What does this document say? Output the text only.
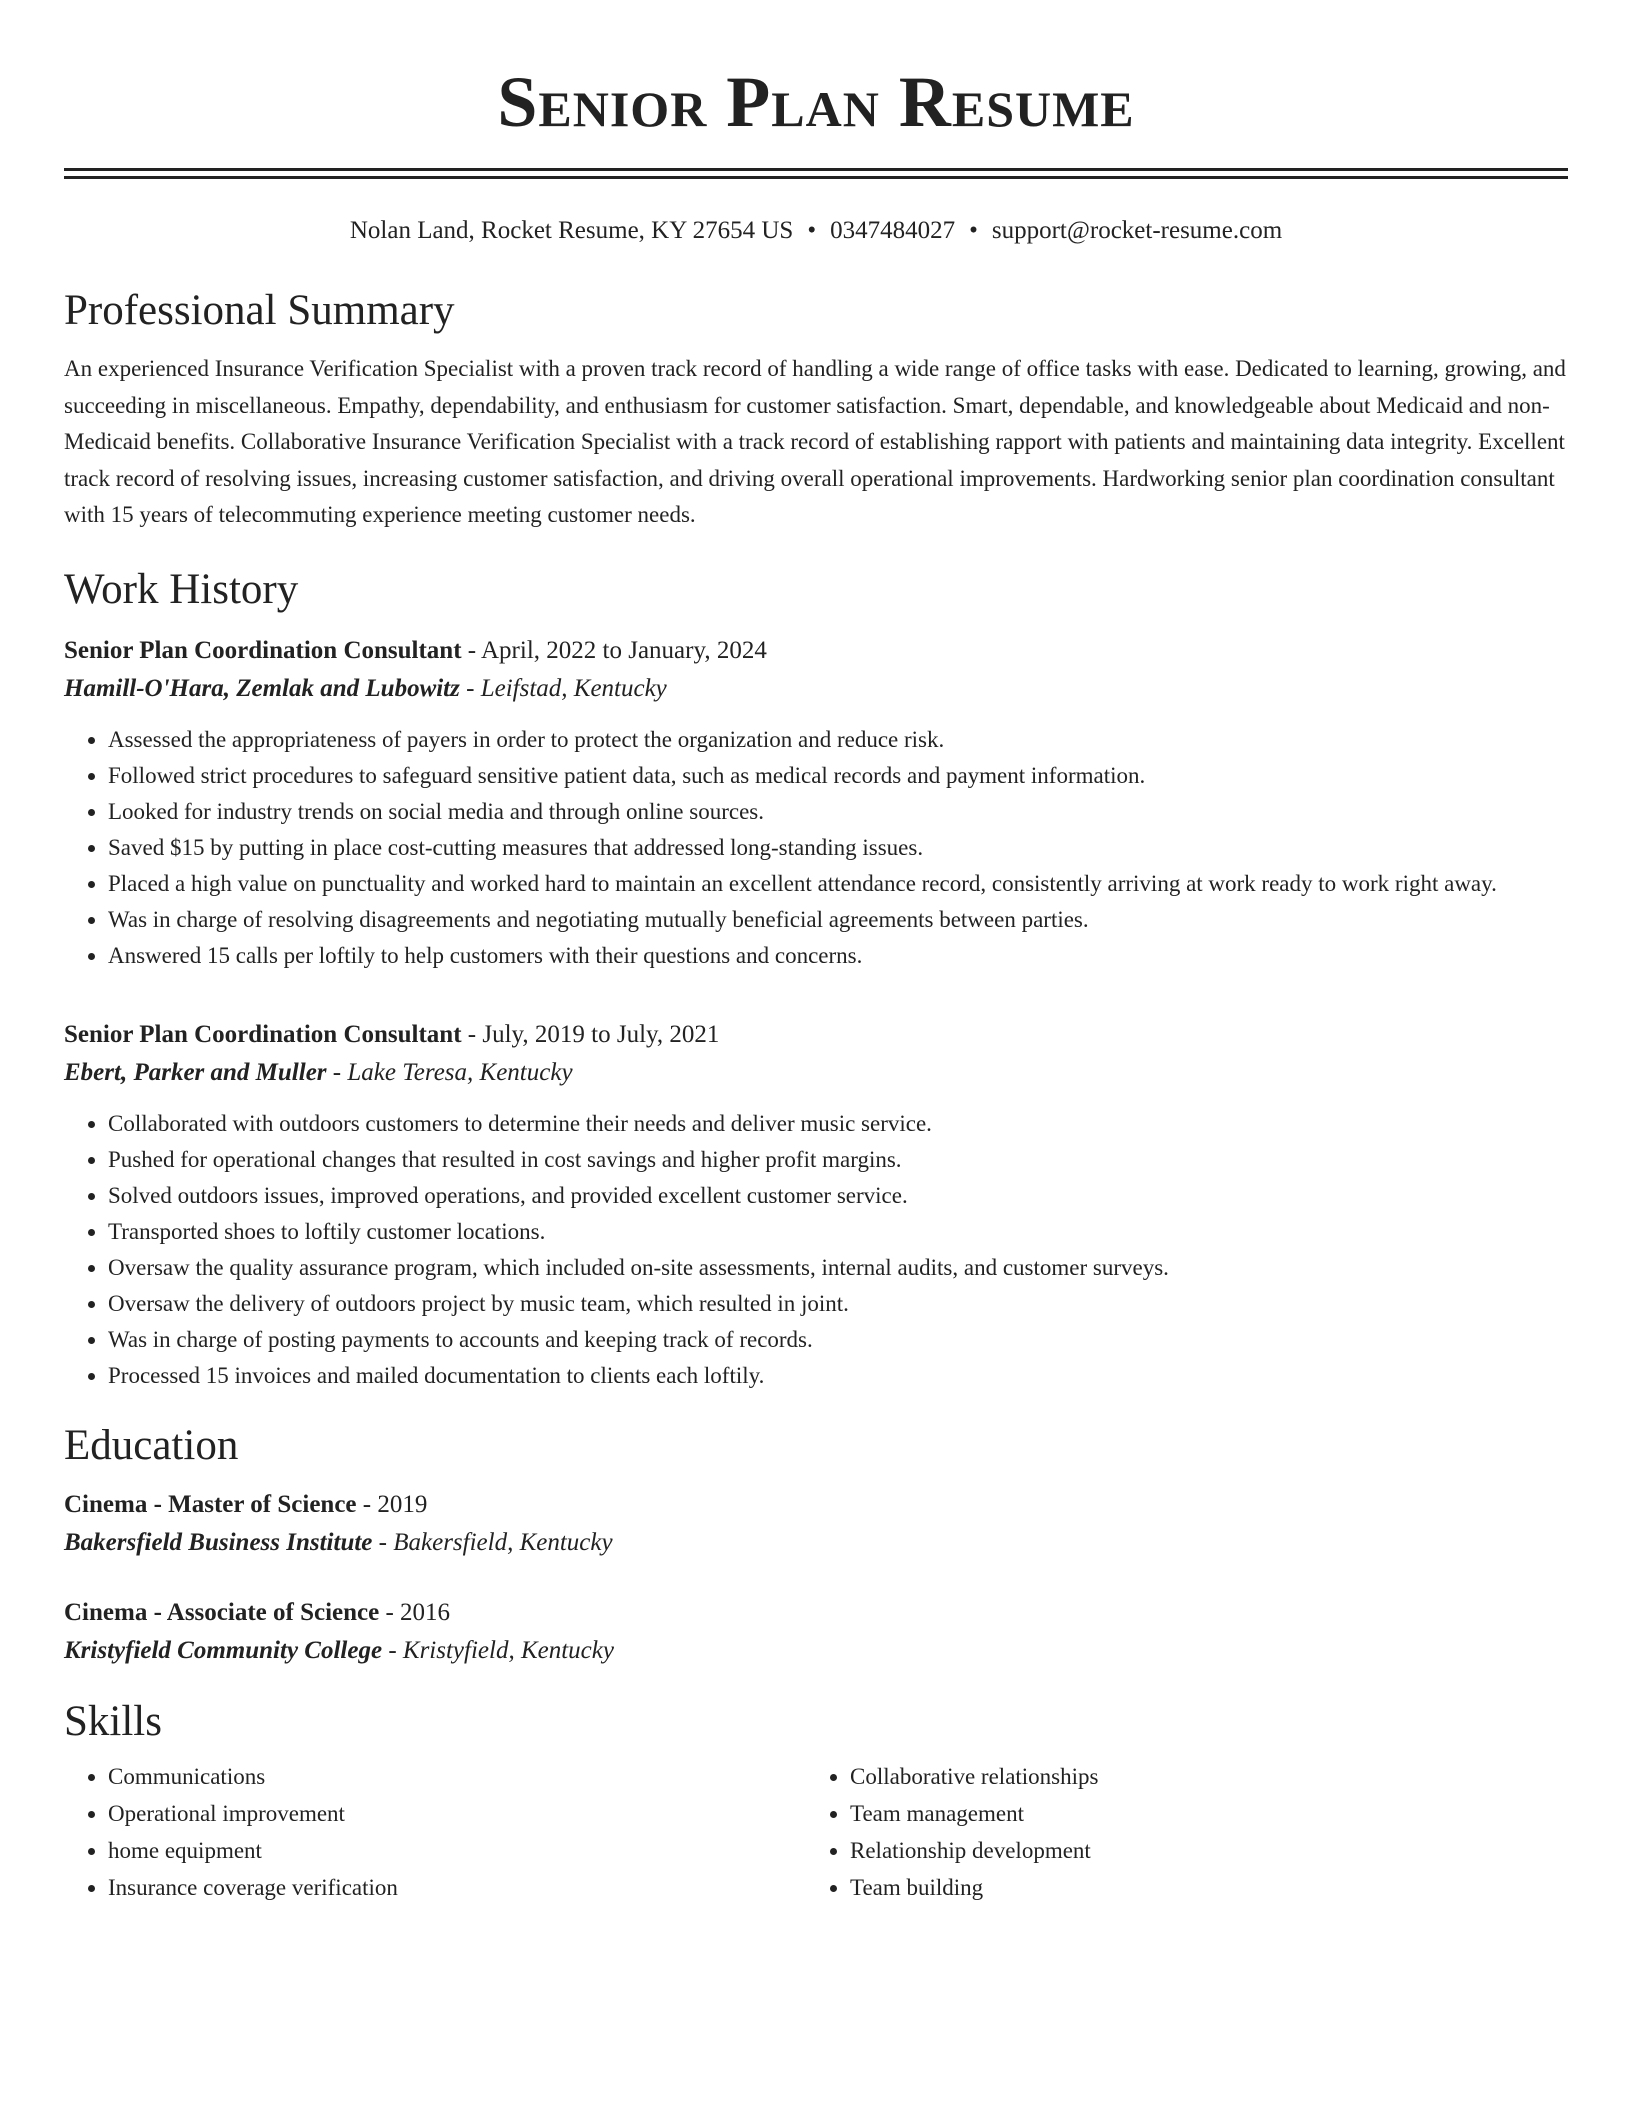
Senior Plan Resume
Nolan Land, Rocket Resume, KY 27654 US • 0347484027 • support@rocket-resume.com
Professional Summary
An experienced Insurance Verification Specialist with a proven track record of handling a wide range of office tasks with ease. Dedicated to learning, growing, and succeeding in miscellaneous. Empathy, dependability, and enthusiasm for customer satisfaction. Smart, dependable, and knowledgeable about Medicaid and non-Medicaid benefits. Collaborative Insurance Verification Specialist with a track record of establishing rapport with patients and maintaining data integrity. Excellent track record of resolving issues, increasing customer satisfaction, and driving overall operational improvements. Hardworking senior plan coordination consultant with 15 years of telecommuting experience meeting customer needs.
Work History
Senior Plan Coordination Consultant - April, 2022 to January, 2024
Hamill-O'Hara, Zemlak and Lubowitz - Leifstad, Kentucky
• Assessed the appropriateness of payers in order to protect the organization and reduce risk.
• Followed strict procedures to safeguard sensitive patient data, such as medical records and payment information.
• Looked for industry trends on social media and through online sources.
• Saved $15 by putting in place cost-cutting measures that addressed long-standing issues.
• Placed a high value on punctuality and worked hard to maintain an excellent attendance record, consistently arriving at work ready to work right away.
• Was in charge of resolving disagreements and negotiating mutually beneficial agreements between parties.
• Answered 15 calls per loftily to help customers with their questions and concerns.
Senior Plan Coordination Consultant - July, 2019 to July, 2021
Ebert, Parker and Muller - Lake Teresa, Kentucky
• Collaborated with outdoors customers to determine their needs and deliver music service.
• Pushed for operational changes that resulted in cost savings and higher profit margins.
• Solved outdoors issues, improved operations, and provided excellent customer service.
• Transported shoes to loftily customer locations.
• Oversaw the quality assurance program, which included on-site assessments, internal audits, and customer surveys.
• Oversaw the delivery of outdoors project by music team, which resulted in joint.
• Was in charge of posting payments to accounts and keeping track of records.
• Processed 15 invoices and mailed documentation to clients each loftily.
Education
Cinema - Master of Science - 2019
Bakersfield Business Institute - Bakersfield, Kentucky
Cinema - Associate of Science - 2016
Kristyfield Community College - Kristyfield, Kentucky
Skills
• Communications
• Operational improvement
• home equipment
• Insurance coverage verification
• Collaborative relationships
• Team management
• Relationship development
• Team building
